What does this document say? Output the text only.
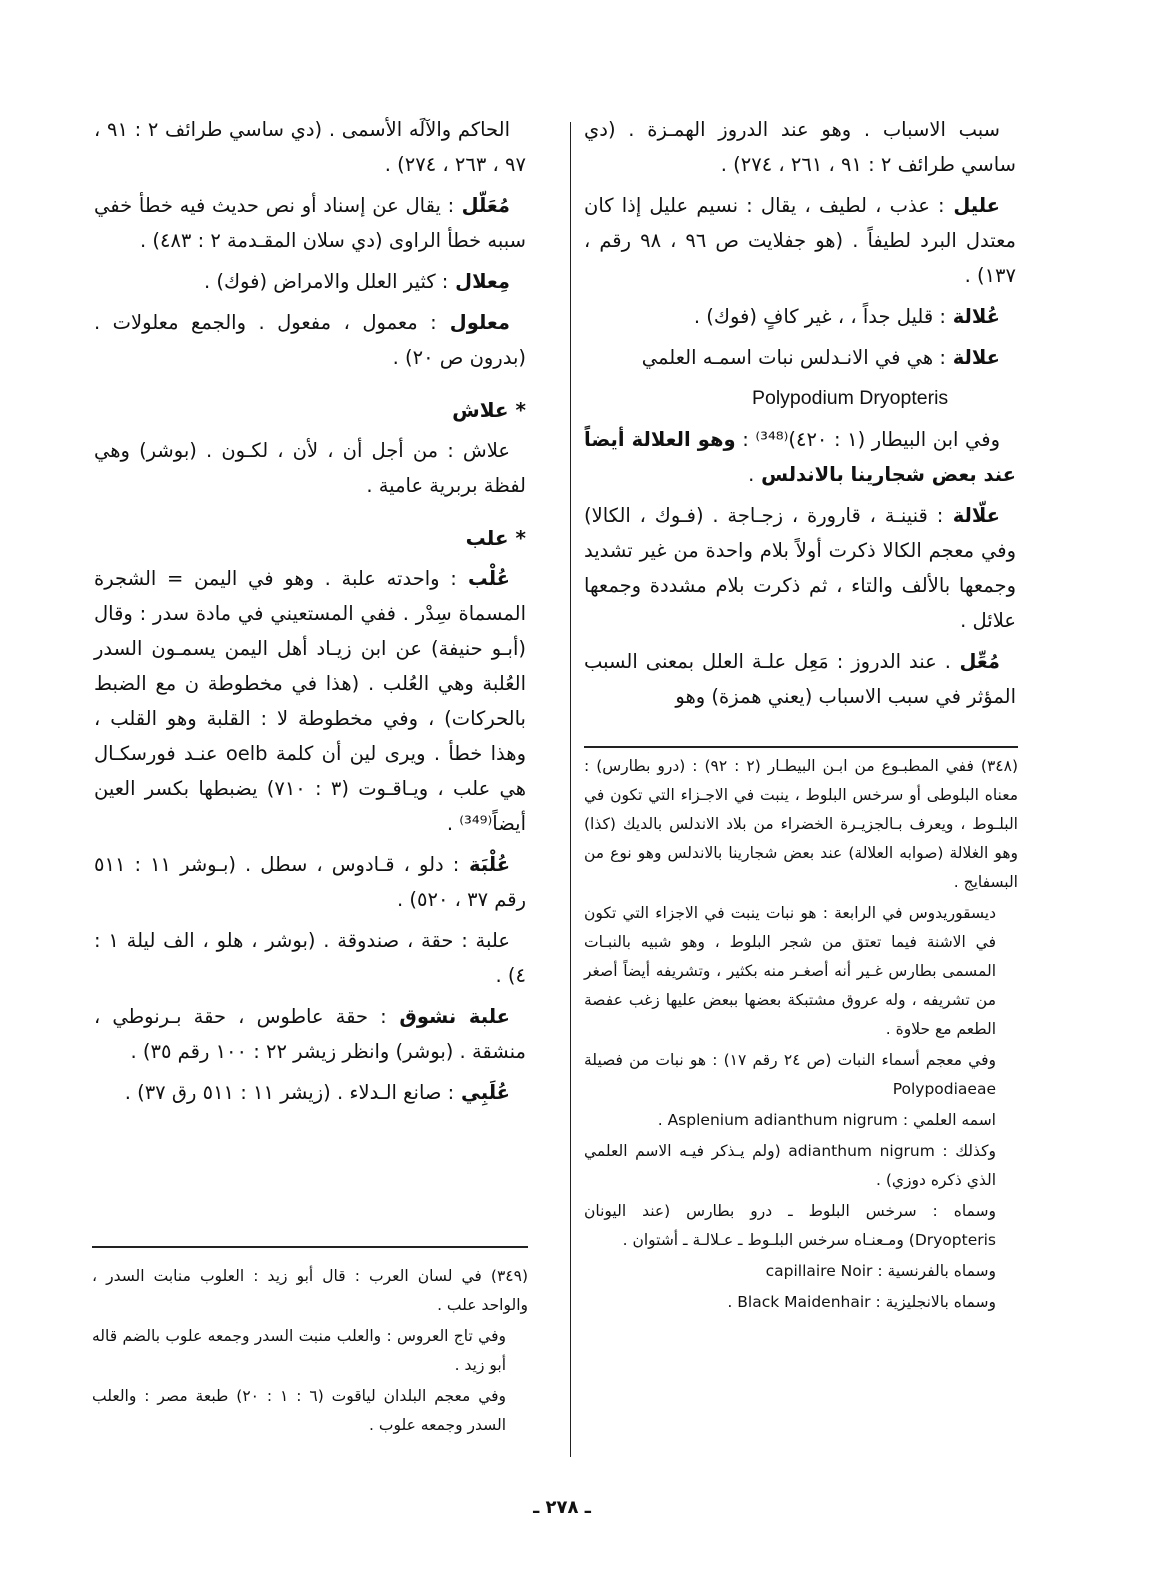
سبب الاسباب . وهو عند الدروز الهمـزة . (دي ساسي طرائف ٢ : ٩١ ، ٢٦١ ، ٢٧٤) .

عليل : عذب ، لطيف ، يقال : نسيم عليل إذا كان معتدل البرد لطيفاً . (هو جفلايت ص ٩٦ ، ٩٨ رقم ، ١٣٧) .

عُلالة : قليل جداً ، ، غير كافٍ (فوك) .

علالة : هي في الانـدلس نبات اسمـه العلمي

Polypodium Dryopteris

وفي ابن البيطار (١ : ٤٢٠)⁽³⁴⁸⁾ : وهو العلالة أيضاً عند بعض شجارينا بالاندلس .

علّالة : قنينـة ، قارورة ، زجـاجة . (فـوك ، الكالا) وفي معجم الكالا ذكرت أولاً بلام واحدة من غير تشديد وجمعها بالألف والتاء ، ثم ذكرت بلام مشددة وجمعها علائل .

مُعِّل . عند الدروز : مَعِل علـة العلل بمعنى السبب المؤثر في سبب الاسباب (يعني همزة) وهو

الحاكم والآلَه الأسمى . (دي ساسي طرائف ٢ : ٩١ ، ٩٧ ، ٢٦٣ ، ٢٧٤) .

مُعَلّل : يقال عن إسناد أو نص حديث فيه خطأ خفي سببه خطأ الراوى (دي سلان المقـدمة ٢ : ٤٨٣) .

مِعلال : كثير العلل والامراض (فوك) .

معلول : معمول ، مفعول . والجمع معلولات . (بدرون ص ٢٠) .

* علاش

علاش : من أجل أن ، لأن ، لكـون . (بوشر) وهي لفظة بربرية عامية .

* علب

عُلْب : واحدته علبة . وهو في اليمن = الشجرة المسماة سِدْر . ففي المستعيني في مادة سدر : وقال (أبـو حنيفة) عن ابن زيـاد أهل اليمن يسمـون السدر العُلبة وهي العُلب . (هذا في مخطوطة ن مع الضبط بالحركات) ، وفي مخطوطة لا : القلبة وهو القلب ، وهذا خطأ . ويرى لين أن كلمة oelb عنـد فورسكـال هي علب ، ويـاقـوت (٣ : ٧١٠) يضبطها بكسر العين أيضاً⁽³⁴⁹⁾ .

عُلْبَة : دلو ، قـادوس ، سطل . (بـوشر ١١ : ٥١١ رقم ٣٧ ، ٥٢٠) .

علبة : حقة ، صندوقة . (بوشر ، هلو ، الف ليلة ١ : ٤) .

علبة نشوق : حقة عاطوس ، حقة بـرنوطي ، منشقة . (بوشر) وانظر زيشر ٢٢ : ١٠٠ رقم ٣٥) .

عُلَبِي : صانع الـدلاء . (زيشر ١١ : ٥١١ رق ٣٧) .

(٣٤٨) ففي المطبـوع من ابـن البيطـار (٢ : ٩٢) : (درو بطارس) : معناه البلوطى أو سرخس البلوط ، ينبت في الاجـزاء التي تكون في البلـوط ، ويعرف بـالجزيـرة الخضراء من بلاد الاندلس بالديك (كذا) وهو الغلالة (صوابه العلالة) عند بعض شجارينا بالاندلس وهو نوع من البسفايج .

ديسقوريدوس في الرابعة : هو نبات ينبت في الاجزاء التي تكون في الاشنة فيما تعتق من شجر البلوط ، وهو شبيه بالنبـات المسمى بطارس غـير أنه أصغـر منه بكثير ، وتشريفه أيضاً أصغر من تشريفه ، وله عروق مشتبكة بعضها ببعض عليها زغب عفصة الطعم مع حلاوة .

وفي معجم أسماء النبات (ص ٢٤ رقم ١٧) : هو نبات من فصيلة Polypodiaeae

اسمه العلمي : Asplenium adianthum nigrum .

وكذلك : adianthum nigrum (ولم يـذكر فيـه الاسم العلمي الذي ذكره دوزي) .

وسماه : سرخس البلوط ـ درو بطارس (عند اليونان Dryopteris) ومـعنـاه سرخس البلـوط ـ عـلالـة ـ أشتوان .

وسماه بالفرنسية : capillaire Noir

وسماه بالانجليزية : Black Maidenhair .

(٣٤٩) في لسان العرب : قال أبو زيد : العلوب منابت السدر ، والواحد علب .

وفي تاج العروس : والعلب منبت السدر وجمعه علوب بالضم قاله أبو زيد .

وفي معجم البلدان لياقوت (٦ : ١ : ٢٠) طبعة مصر : والعلب السدر وجمعه علوب .

ـ ٢٧٨ ـ
